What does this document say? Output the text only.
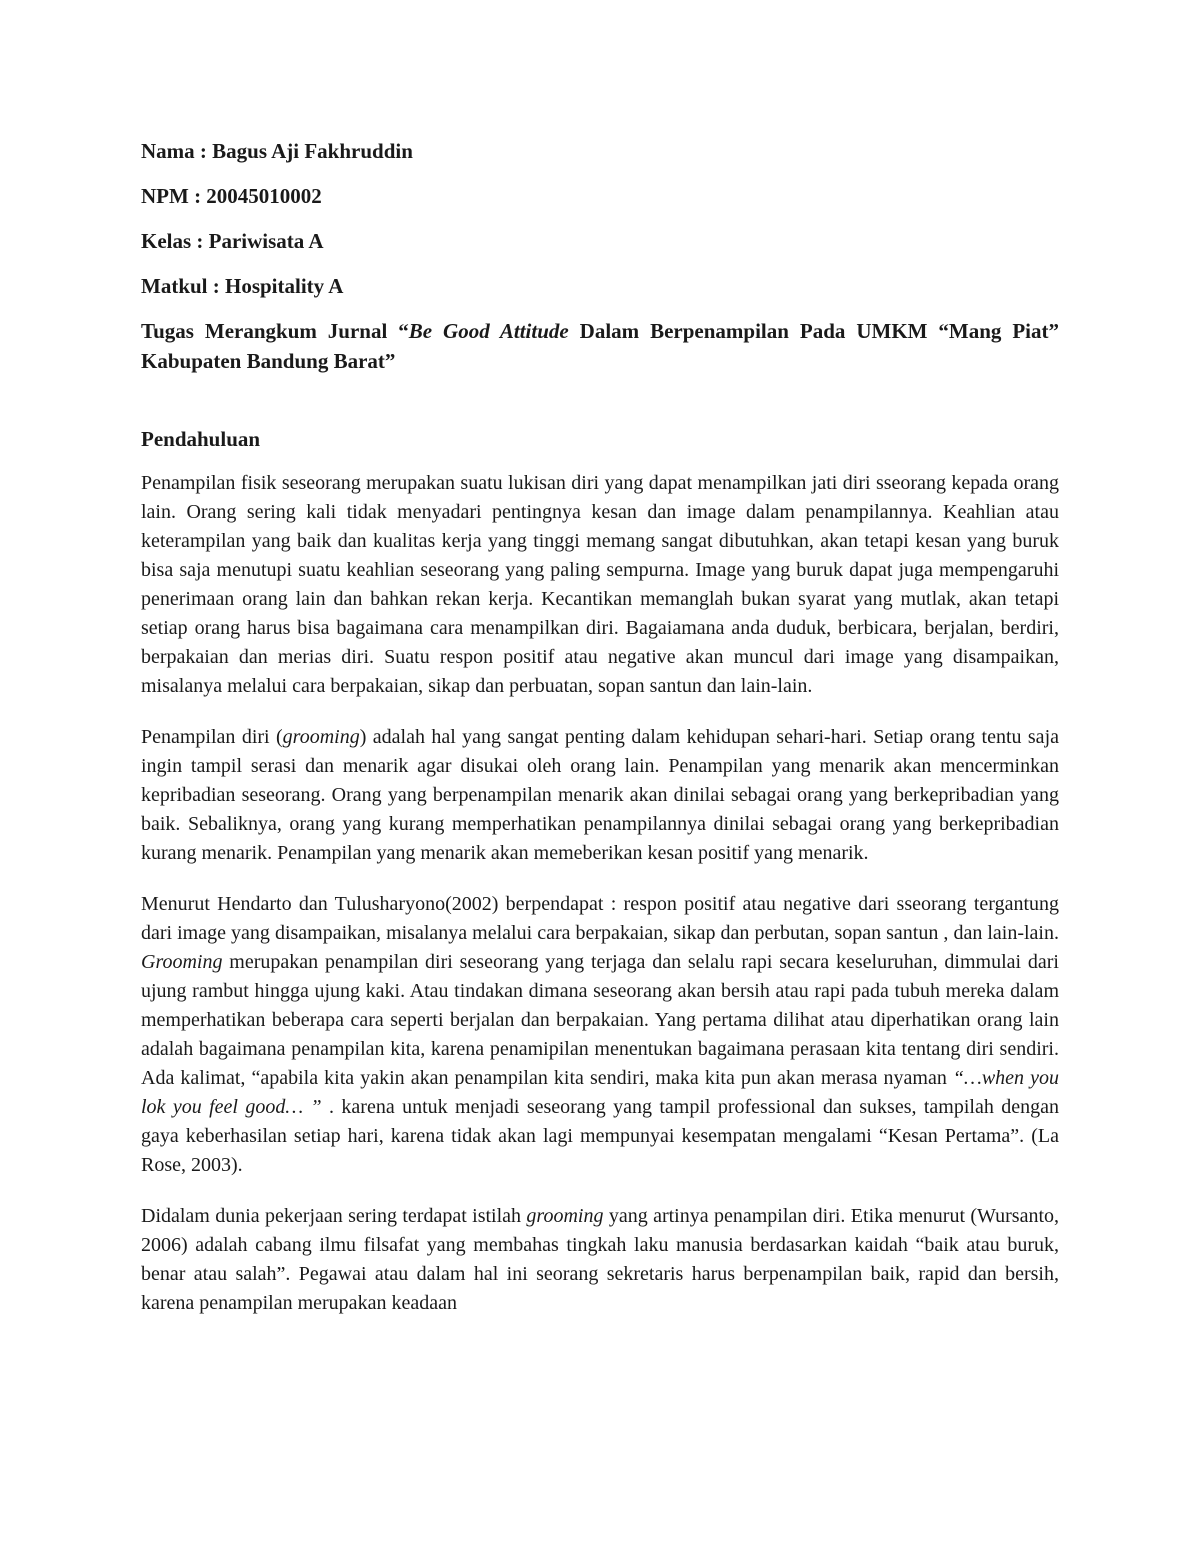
Nama : Bagus Aji Fakhruddin

NPM : 20045010002

Kelas : Pariwisata A

Matkul : Hospitality A

Tugas Merangkum Jurnal “Be Good Attitude Dalam Berpenampilan Pada UMKM “Mang Piat” Kabupaten Bandung Barat”

Pendahuluan

Penampilan fisik seseorang merupakan suatu lukisan diri yang dapat menampilkan jati diri sseorang kepada orang lain. Orang sering kali tidak menyadari pentingnya kesan dan image dalam penampilannya. Keahlian atau keterampilan yang baik dan kualitas kerja yang tinggi memang sangat dibutuhkan, akan tetapi kesan yang buruk bisa saja menutupi suatu keahlian seseorang yang paling sempurna. Image yang buruk dapat juga mempengaruhi penerimaan orang lain dan bahkan rekan kerja. Kecantikan memanglah bukan syarat yang mutlak, akan tetapi setiap orang harus bisa bagaimana cara menampilkan diri. Bagaiamana anda duduk, berbicara, berjalan, berdiri, berpakaian dan merias diri. Suatu respon positif atau negative akan muncul dari image yang disampaikan, misalanya melalui cara berpakaian, sikap dan perbuatan, sopan santun dan lain-lain.

Penampilan diri (grooming) adalah hal yang sangat penting dalam kehidupan sehari-hari. Setiap orang tentu saja ingin tampil serasi dan menarik agar disukai oleh orang lain. Penampilan yang menarik akan mencerminkan kepribadian seseorang. Orang yang berpenampilan menarik akan dinilai sebagai orang yang berkepribadian yang baik. Sebaliknya, orang yang kurang memperhatikan penampilannya dinilai sebagai orang yang berkepribadian kurang menarik. Penampilan yang menarik akan memeberikan kesan positif yang menarik.

Menurut Hendarto dan Tulusharyono(2002) berpendapat : respon positif atau negative dari sseorang tergantung dari image yang disampaikan, misalanya melalui cara berpakaian, sikap dan perbutan, sopan santun , dan lain-lain. Grooming merupakan penampilan diri seseorang yang terjaga dan selalu rapi secara keseluruhan, dimmulai dari ujung rambut hingga ujung kaki. Atau tindakan dimana seseorang akan bersih atau rapi pada tubuh mereka dalam memperhatikan beberapa cara seperti berjalan dan berpakaian. Yang pertama dilihat atau diperhatikan orang lain adalah bagaimana penampilan kita, karena penamipilan menentukan bagaimana perasaan kita tentang diri sendiri. Ada kalimat, “apabila kita yakin akan penampilan kita sendiri, maka kita pun akan merasa nyaman “…when you lok you feel good… ” . karena untuk menjadi seseorang yang tampil professional dan sukses, tampilah dengan gaya keberhasilan setiap hari, karena tidak akan lagi mempunyai kesempatan mengalami “Kesan Pertama”. (La Rose, 2003).

Didalam dunia pekerjaan sering terdapat istilah grooming yang artinya penampilan diri. Etika menurut (Wursanto, 2006) adalah cabang ilmu filsafat yang membahas tingkah laku manusia berdasarkan kaidah “baik atau buruk, benar atau salah”. Pegawai atau dalam hal ini seorang sekretaris harus berpenampilan baik, rapid dan bersih, karena penampilan merupakan keadaan
